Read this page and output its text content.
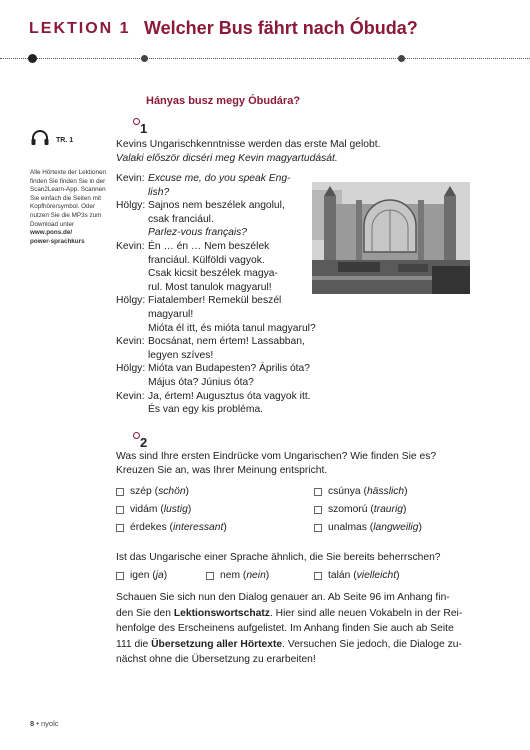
LEKTION 1 Welcher Bus fährt nach Óbuda?
Hányas busz megy Óbudára?
TR. 1
Alle Hörtexte der Lektionen
finden Sie finden Sie in der
Scan2Learn-App. Scannen
Sie einfach die Seiten mit
Kopfhörersymbol. Oder
nutzen Sie die MP3s zum
Download unter
www.pons.de/
power-sprachkurs
1
Kevins Ungarischkenntnisse werden das erste Mal gelobt.
Valaki először dicséri meg Kevin magyartudását.
Kevin: Excuse me, do you speak Eng-
lish?
Hölgy: Sajnos nem beszélek angolul,
csak franciául.
Parlez-vous français?
Kevin: Én … én … Nem beszélek
franciául. Külföldi vagyok.
Csak kicsit beszélek magya-
rul. Most tanulok magyarul!
Hölgy: Fiatalember! Remekül beszél magyarul!
Mióta él itt, és mióta tanul magyarul?
Kevin: Bocsánat, nem értem! Lassabban,
legyen szíves!
Hölgy: Mióta van Budapesten? Április óta?
Május óta? Június óta?
Kevin: Ja, értem! Augusztus óta vagyok itt.
És van egy kis probléma.
2
Was sind Ihre ersten Eindrücke vom Ungarischen? Wie finden Sie es?
Kreuzen Sie an, was Ihrer Meinung entspricht.
szép (schön)	csúnya (hässlich)
vidám (lustig)	szomorú (traurig)
érdekes (interessant)	unalmas (langweilig)
Ist das Ungarische einer Sprache ähnlich, die Sie bereits beherrschen?
igen (ja)	nem (nein)	talán (vielleicht)
Schauen Sie sich nun den Dialog genauer an. Ab Seite 96 im Anhang fin-
den Sie den Lektionswortschatz. Hier sind alle neuen Vokabeln in der Rei-
henfolge des Erscheinens aufgelistet. Im Anhang finden Sie auch ab Seite
111 die Übersetzung aller Hörtexte. Versuchen Sie jedoch, die Dialoge zu-
nächst ohne die Übersetzung zu erarbeiten!
8 • nyolc
